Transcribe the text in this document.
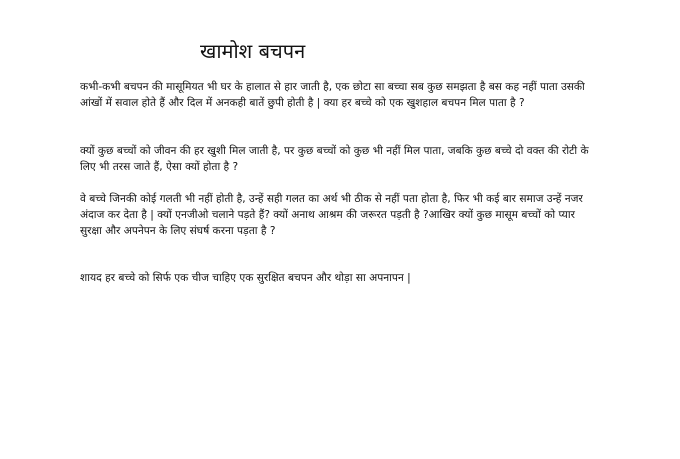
खामोश बचपन

कभी-कभी बचपन की मासूमियत भी घर के हालात से हार जाती है, एक छोटा सा बच्चा सब कुछ समझता है बस कह नहीं पाता उसकी आंखों में सवाल होते हैं और दिल में अनकही बातें छुपी होती है | क्या हर बच्चे को एक खुशहाल बचपन मिल पाता है ?

क्यों कुछ बच्चों को जीवन की हर खुशी मिल जाती है, पर कुछ बच्चों को कुछ भी नहीं मिल पाता, जबकि कुछ बच्चे दो वक्त की रोटी के लिए भी तरस जाते हैं, ऐसा क्यों होता है ?

वे बच्चे जिनकी कोई गलती भी नहीं होती है, उन्हें सही गलत का अर्थ भी ठीक से नहीं पता होता है, फिर भी कई बार समाज उन्हें नजर अंदाज कर देता है | क्यों एनजीओ चलाने पड़ते हैं? क्यों अनाथ आश्रम की जरूरत पड़ती है ?आखिर क्यों कुछ मासूम बच्चों को प्यार सुरक्षा और अपनेपन के लिए संघर्ष करना पड़ता है ?

शायद हर बच्चे को सिर्फ एक चीज चाहिए एक सुरक्षित बचपन और थोड़ा सा अपनापन |
